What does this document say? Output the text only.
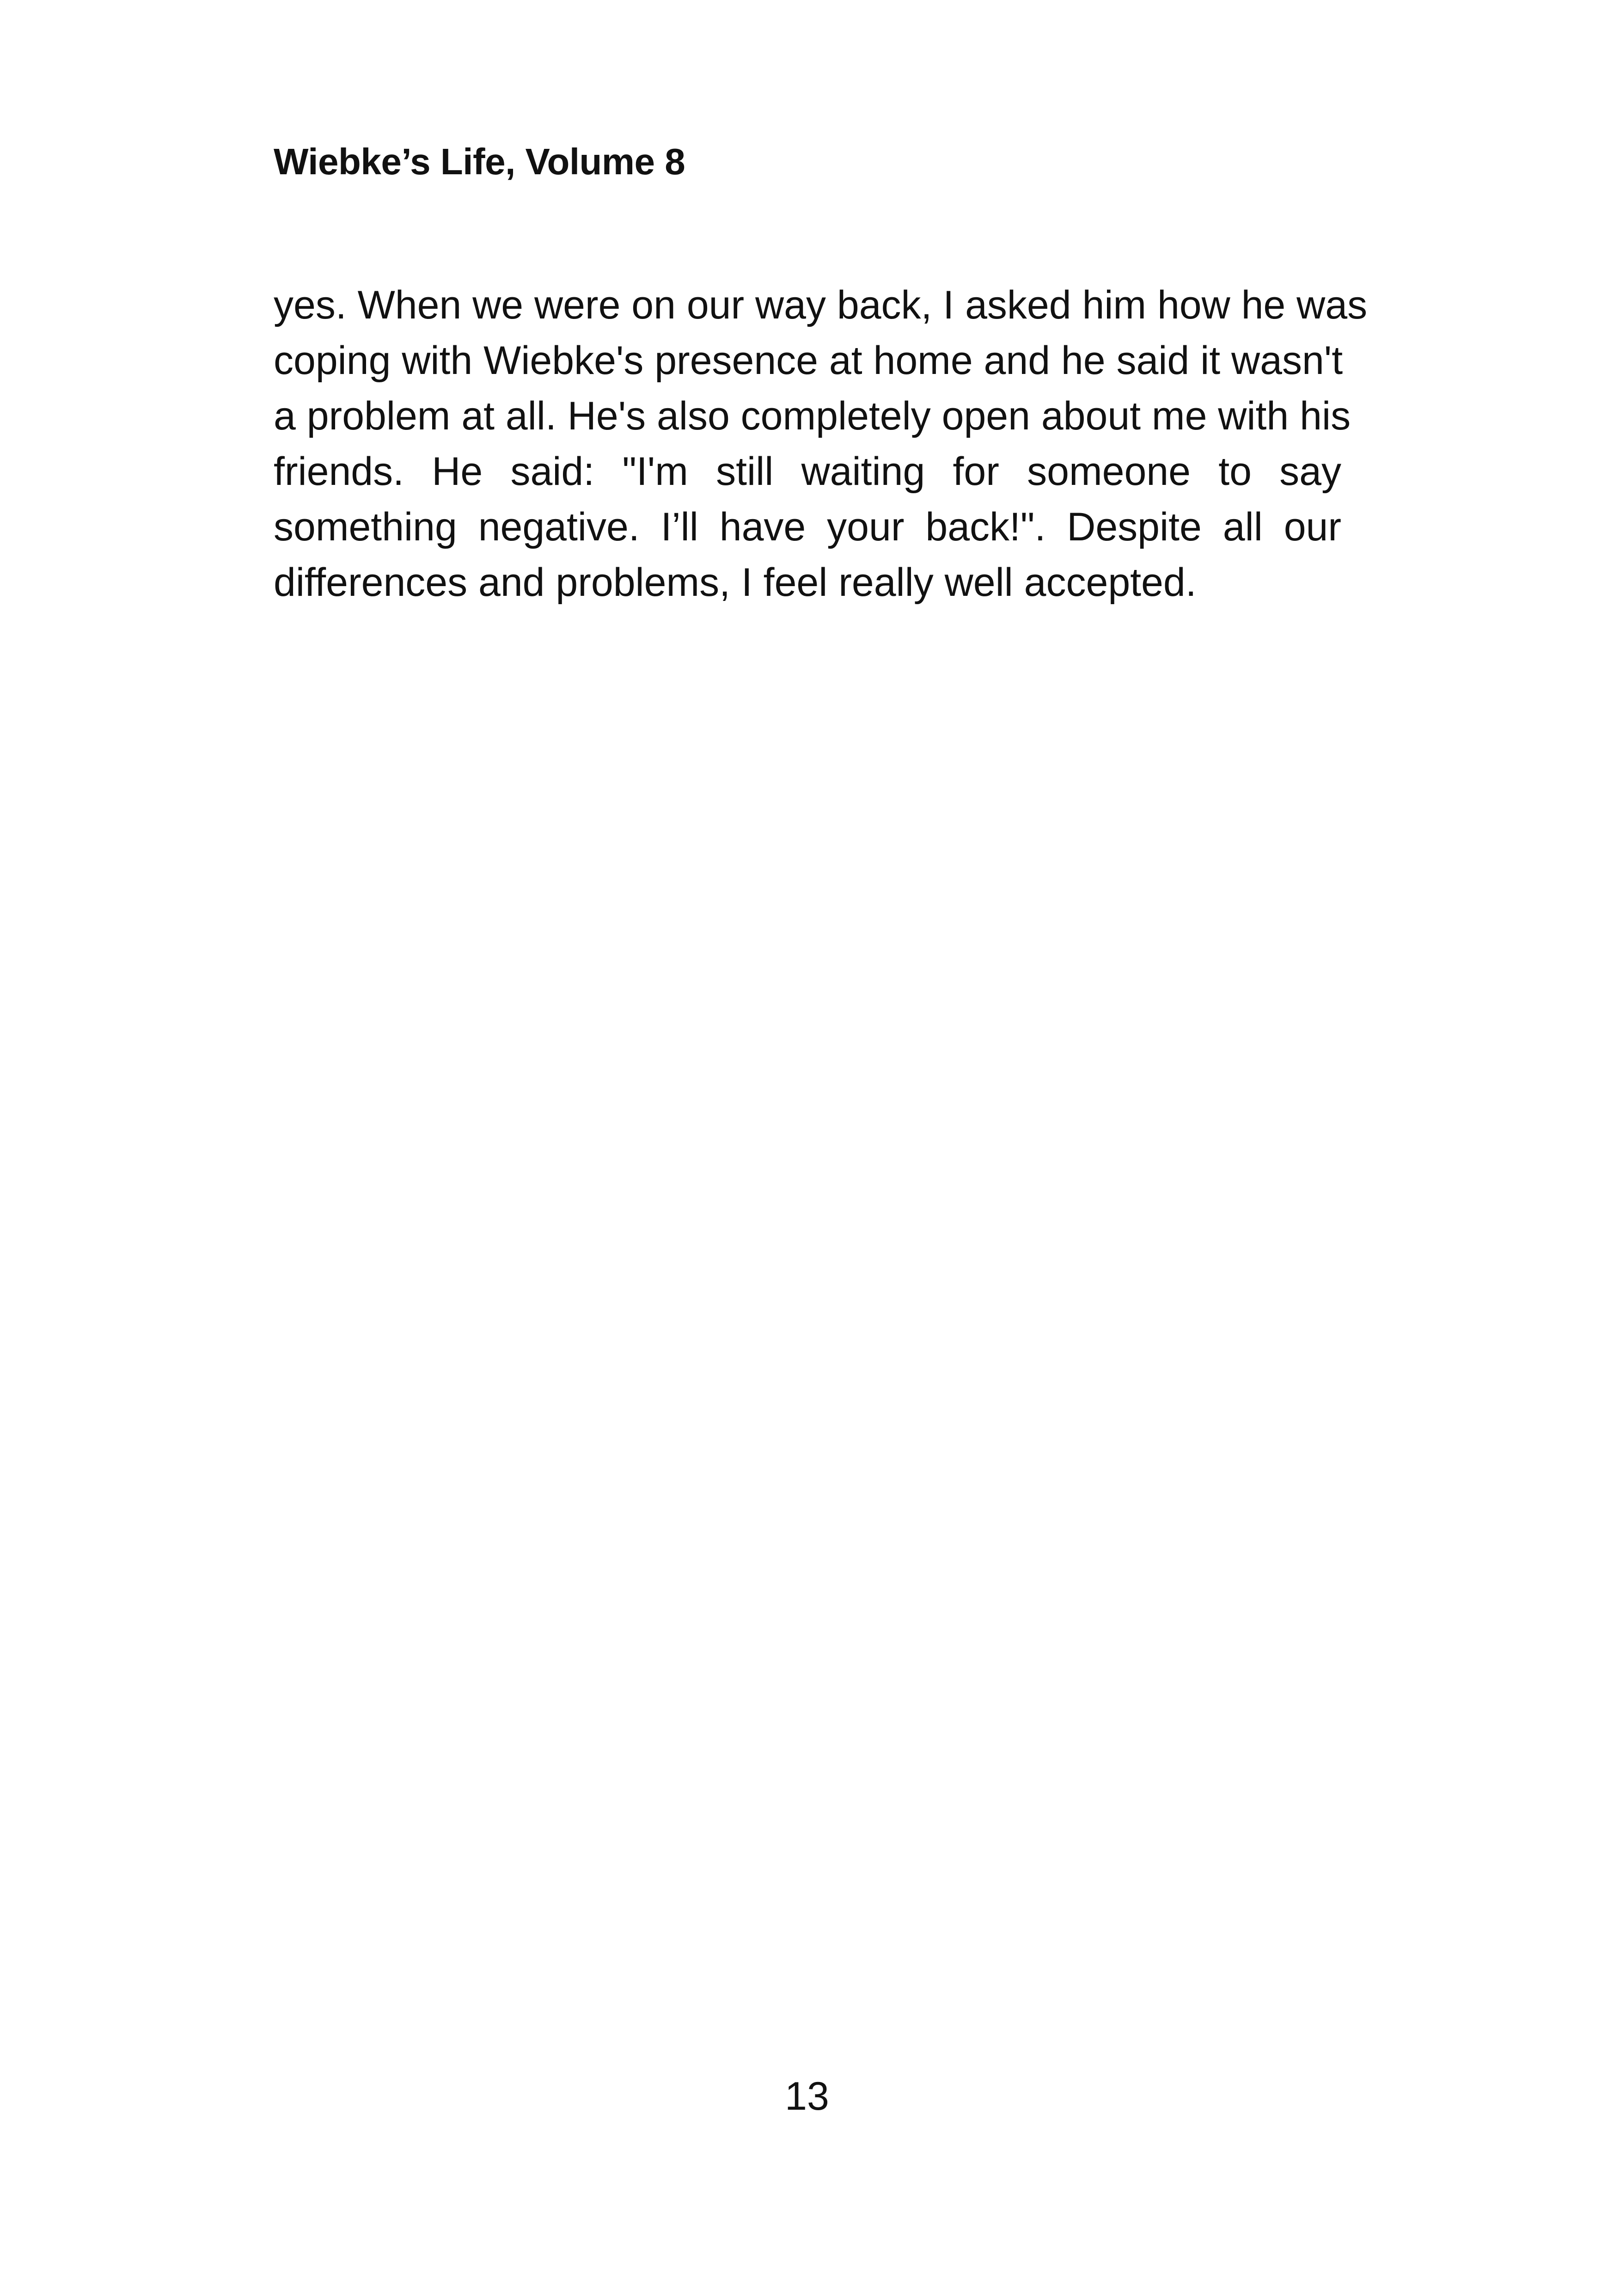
Wiebke’s Life, Volume 8
yes. When we were on our way back, I asked him how he was
coping with Wiebke's presence at home and he said it wasn't
a problem at all. He's also completely open about me with his
friends. He said: "I'm still waiting for someone to say
something negative. I’ll have your back!". Despite all our
differences and problems, I feel really well accepted.
13
